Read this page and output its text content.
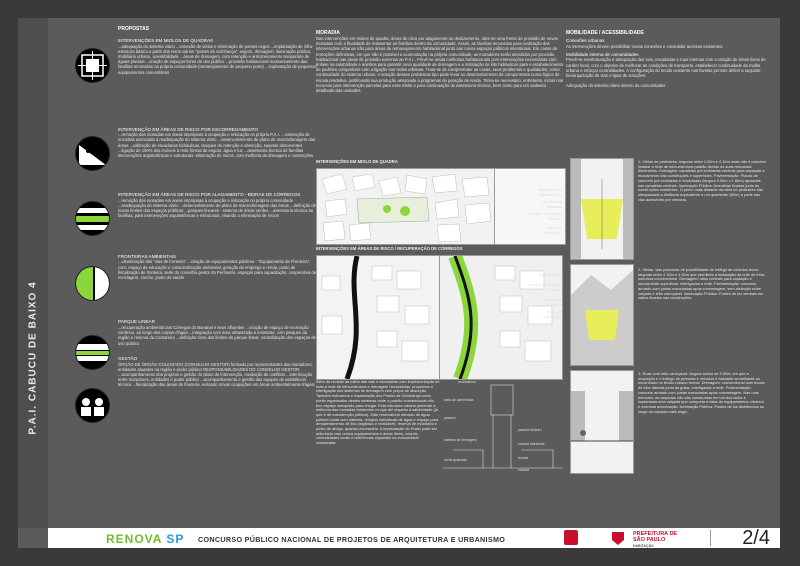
P.A.I. CABUCU DE BAIXO 4
PROPOSTAS
INTERVENÇÕES EM MIOLOS DE QUADRAS
...adequação do sistema viário ...conexão de vielas e eliminação de pontos cegos ...implantação de infra-estrutura básica a partir dos eixos viários "postes de vizinhança", esgoto, drenagem, iluminação pública, mobiliário urbano, acessibilidade ...áreas de drenagem, com retenção e armazenamento temporário de águas pluviais ...criação de espaços livres de uso público ...provisão habitacional reassentamento das famílias removidas na própria comunidade (remanejamento de pequeno porte) ...implantação de pequenos equipamentos comunitários
INTERVENÇÃO EM ÁREAS DE RISCO POR ESCORREGAMENTO
...remoção das moradias em áreas impróprias à ocupação e relocação no próprio P.A.I. ...contenção de encostas associada à readequação do sistema viário ...desenvolvimento de plano de macrodrenagem das áreas ...utilização de escadarias hidráulicas, tanques de retenção e absorção, sarjetas absorventes ...ligação de 100% dos imóveis à rede formal de esgoto, água e luz ...assessoria técnica às famílias intervenções arquitetônicas e estruturais -eliminação de riscos, com melhoria de drenagem e contenções
INTERVENÇÃO EM ÁREAS DE RISCO POR ALAGAMENTO - BEIRAS DE CÓRREGOS
...remoção das moradias em áreas impróprias à ocupação e relocação no próprio comunidade ...readequação do sistema viário ...desenvolvimento de plano de macrodrenagem das áreas ...definição de novos limites dos espaços públicos ...parques lineares - sistema de áreas verdes ...assessoria técnica às famílias, para intervenções arquitetônicas e estruturais, visando a eliminação de riscos
FRONTEIRAS AMBIENTAIS
...urbanização das "vias de fronteira" ...criação de equipamentos públicos - "Equipamento de Fronteira", com: espaço de educação e conscientização ambiental, geração de emprego e renda, posto de fiscalização de fronteira, sede do conselho gestor do Perímetro, espaços para capacitação, cooperativa de reciclagem, creche, posto de saúde
PARQUE LINEAR
...recuperação ambiental dos Córregos do Bananal e seus afluentes ...criação de espaço de recreação contínuo, ao longo dos corpos d'água ...integração com área urbanizada à montante, com parques da região e reserva da Cantareira ...definição clara dos limites do parque linear, consolidação dos espaços de uso público
GESTÃO
ÓRGÃO DE ÓRGÃO COLEGIADO (CONSELHO GESTOR) formado por representantes dos moradores, entidades atuantes na região e poder público RESPONSABILIDADES DO CONSELHO GESTOR: ...acompanhamento dos projetos e gestão do plano de intervenção, mediação de conflitos ...interlocução entre moradores, entidades e poder público ...acompanhamento e gestão das equipes de assistência técnica ...fiscalização das áreas de fronteira, evitando novas ocupações em áreas ambientalmente frágeis
MORADIA
Nas intervenções em miolos de quadra, áreas de risco por alagamento ou deslizamento, abre-se uma frente de provisão de novas moradias com a finalidade de reassentar as famílias dentro da comunidade. Assim, as famílias removidas para realização das intervenções urbanas irão para áreas de remanejamento habitacional junto aos novos espaços públicos intersticiais. Em casos de remoções definitivas, em que não é possível a acomodação na própria comunidade, as moradores serão atendidos por provisão habitacional nas áreas de provisão externas ao P.A.I.. Prevê-se ainda melhorias habitacionais com intervenções necessárias com ênfase na salubridade e aninhos para garantir nova qualidade de drenagem e a instalação de kits hidráulicos para o estabelecimento de padrões compatíveis com a ligação nas redes urbanas. Trata-se de compreender as casas, seus problemas e qualidades, como continuidade do sistema urbano. A solução desses problemas tipo pode levar ao desenvolvimento de componentes numa lógica de escala produtiva, justificando sua produção associada a programas de geração de renda. Torna-se necessário, entretanto, incluir nos recursos para intervenção parcelas para esse efeito e para continuação de assessoria técnica, bem como para um cadastro detalhado das unidades.
MOBILIDADE / ACESSIBILIDADE
Conexões urbanas
As intervenções devem possibilitar novas conexões e consolidar acessos existentes.
Mobilidade interna de comunidades
Prevê-se reestruturação e adequação das vias, escadarias e ruas internas com a criação de áreas livres de caráter local, com o objetivo de melhorar as condições de transporte, estabelecer continuidade da malha urbana e reforçar centralidades. A configuração do tecido existente nas favelas permite definir a seguinte hierarquização de vias e tipos de soluções:
Adequação do sistema viário interno às comunidades
INTERVENÇÕES EM MIOLO DE QUADRA
adequação do sistema viário
provisão de moradias
criação de espaços de lazer
"posto de vizinhança"
INTERVENÇÕES EM ÁREAS DE RISCO / RECUPERAÇÃO DE CÓRREGOS
parque linear
criação de espaços de lazer
provisão de moradias
"posto de vizinhança"
Além da revisão da calha das vias e escadarias com implementação de toda a rede de infra-estrutura e drenagem necessárias, propomos a interligação dos sistemas de drenagem com poços de absorção. Também indicamos a implantação dos Postos de Vizinhança como ponto organizador destes sistemas onde o padrão convencional não tem espaço adequado para chegar. Esta estrutura urbana pretende a melhoria das moradias existentes no que diz respeito à salubridade (já que é de manutenção pública). Este reservatório elevado de água potável conta com cisterna, relógios individuais de água e espaço para armazenamento de lixo (orgânico e reciclável), reserva de mobiliário e posto de abrigo, quando necessário. A implantação do Posto pode ser articulada com outros equipamentos e áreas livres, criando centralidades locais e referências espaciais na comunidade urbanizada.
reservatório
pista de caminhada
passeio
sistema de drenagem
verde gramado
passeio lindeiro
escada hidráulica
bordas
escada
1- Vielas de pedestres: larguras entre 1.00m e 2.10m onde não é possível instalar a rede de infra-estrutura padrão devido às suas reduzidas dimensões. Drenagem: canaletas pré-moldadas centrais para captação e escoamento das construções e superfícies. Pavimentação: Placas de concreto pré-moldadas e moduladas (largura 0,90m x 1.80m) apoiadas nas canaletas centrais. Iluminação Pública: Arandelas fixadas junto às construções existentes. O ponto mais distante da viela de pedestres não ultrapassará a distância equivalente a um quarteirão (80m) a partir das vias acessíveis por veículos.
2- Vielas: vias possíveis de possibilidade de tráfego de veículos leves: larguras entre 2.10m e 4.50m que permitem a instalação da rede de infra-estrutura convencional. Drenagem: ralos centrais para captação e escoamento superficial, interligados à rede. Pavimentação: concreto armado com juntas executadas após concretagem, sem distinção entre calçada e leito carroçável. Iluminação Pública: Postes de luz centrais em cabos fixados nas construções.
3- Ruas com leito carroçável: largura acima de 4.50m, em que a ocupação e o tráfego de pessoas e veículos é bastante semelhante ao encontrado no tecido urbano formal. Drenagem: convencional com bocas de lobo laterais junto às guias, interligadas à rede. Pavimentação: concreto armado com juntas executadas após concretagem. Nas ruas menores, as calçadas não são construídas em um dos lados e implantada uma calçada que comporta a faixa de equipamentos urbanos e eventual arborização. Iluminação Pública: Postes de luz distribuídos ao longo da calçada mais larga.
RENOVA SP CONCURSO PÚBLICO NACIONAL DE PROJETOS DE ARQUITETURA E URBANISMO
PREFEITURA DE
SÃO PAULO
HABITAÇÃO	2/4
